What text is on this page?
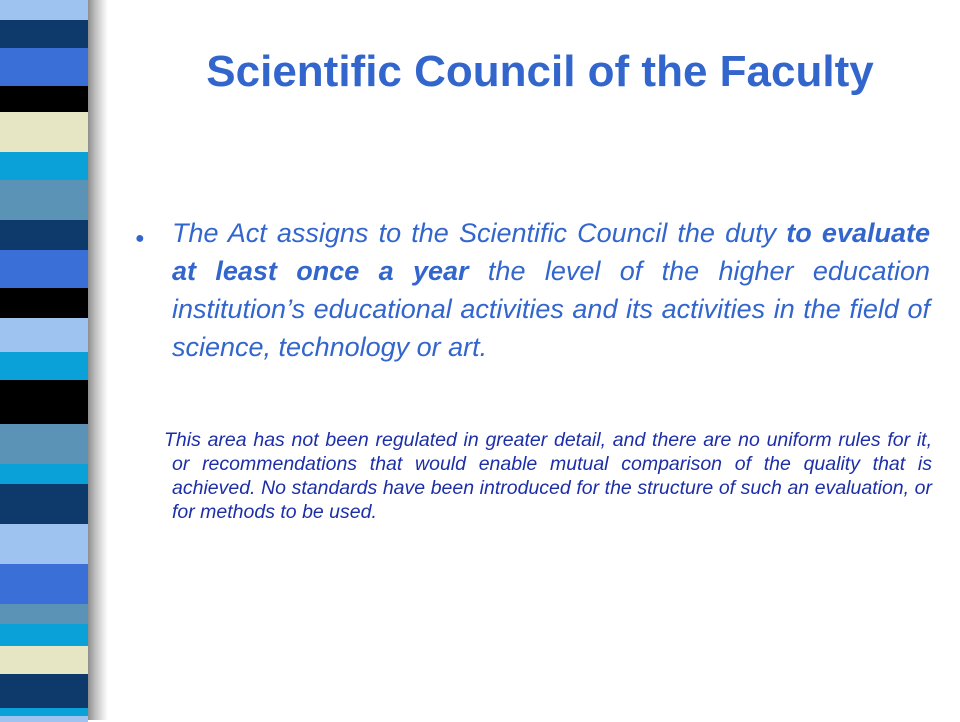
Scientific Council of the Faculty
● The Act assigns to the Scientific Council the duty to evaluate at least once a year the level of the higher education institution’s educational activities and its activities in the field of science, technology or art.

This area has not been regulated in greater detail, and there are no uniform rules for it, or recommendations that would enable mutual comparison of the quality that is achieved. No standards have been introduced for the structure of such an evaluation, or for methods to be used.
